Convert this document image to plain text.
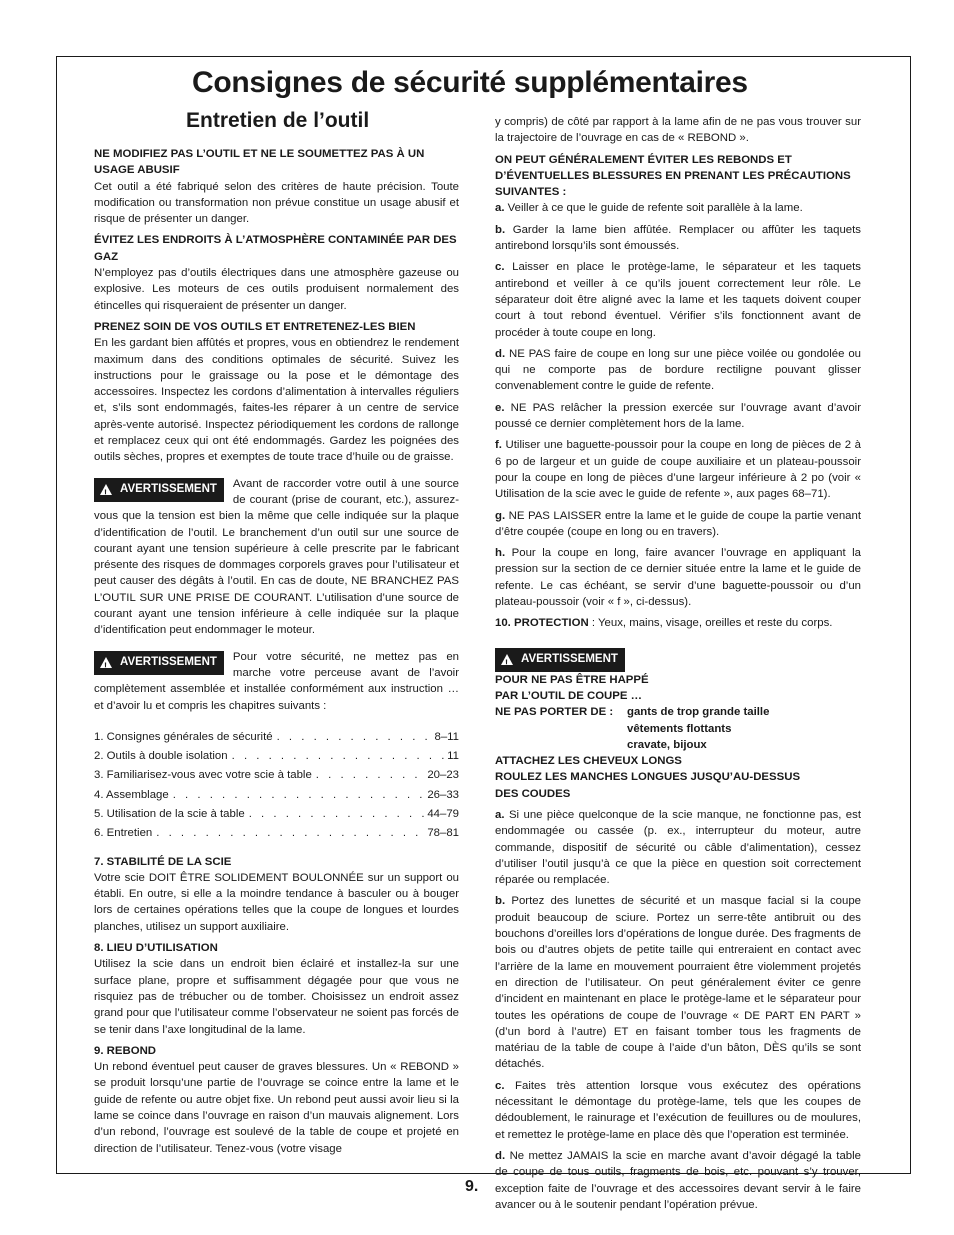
Consignes de sécurité supplémentaires
Entretien de l’outil
NE MODIFIEZ PAS L’OUTIL ET NE LE SOUMETTEZ PAS À UN USAGE ABUSIF

Cet outil a été fabriqué selon des critères de haute précision. Toute modification ou transformation non prévue constitue un usage abusif et risque de présenter un danger.

ÉVITEZ LES ENDROITS À L’ATMOSPHÈRE CONTAMINÉE PAR DES GAZ

N’employez pas d’outils électriques dans une atmosphère gazeuse ou explosive. Les moteurs de ces outils produisent normalement des étincelles qui risqueraient de présenter un danger.

PRENEZ SOIN DE VOS OUTILS ET ENTRETENEZ-LES BIEN

En les gardant bien affûtés et propres, vous en obtiendrez le rendement maximum dans des conditions optimales de sécurité. Suivez les instructions pour le graissage ou la pose et le démontage des accessoires. Inspectez les cordons d’alimentation à intervalles réguliers et, s’ils sont endommagés, faites-les réparer à un centre de service après-vente autorisé. Inspectez périodiquement les cordons de rallonge et remplacez ceux qui ont été endommagés. Gardez les poignées des outils sèches, propres et exemptes de toute trace d’huile ou de graisse.

!
AVERTISSEMENT	Avant de raccorder votre outil à une source de courant (prise de courant, etc.), assurez-vous que la tension est bien la même que celle indiquée sur la plaque d’identification de l’outil. Le branchement d’un outil sur une source de courant ayant une tension supérieure à celle prescrite par le fabricant présente des risques de dommages corporels graves pour l’utilisateur et peut causer des dégâts à l’outil. En cas de doute, NE BRANCHEZ PAS L’OUTIL SUR UNE PRISE DE COURANT. L’utilisation d’une source de courant ayant une tension inférieure à celle indiquée sur la plaque d’identification peut endommager le moteur.

!
AVERTISSEMENT	Pour votre sécurité, ne mettez pas en marche votre perceuse avant de l’avoir complètement assemblée et installée conformément aux instruction … et d’avoir lu et compris les chapitres suivants :

1. Consignes générales de sécurité . . .	8–11
2. Outils à double isolation . . .	11
3. Familiarisez-vous avec votre scie à table . . .	20–23
4. Assemblage . . .	26–33
5. Utilisation de la scie à table . . .	44–79
6. Entretien . . .	78–81
7. STABILITÉ DE LA SCIE

Votre scie DOIT ÊTRE SOLIDEMENT BOULONNÉE sur un support ou établi. En outre, si elle a la moindre tendance à basculer ou à bouger lors de certaines opérations telles que la coupe de longues et lourdes planches, utilisez un support auxiliaire.

8. LIEU D’UTILISATION

Utilisez la scie dans un endroit bien éclairé et installez-la sur une surface plane, propre et suffisamment dégagée pour que vous ne risquiez pas de trébucher ou de tomber. Choisissez un endroit assez grand pour que l’utilisateur comme l’observateur ne soient pas forcés de se tenir dans l’axe longitudinal de la lame.

9. REBOND

Un rebond éventuel peut causer de graves blessures. Un « REBOND » se produit lorsqu’une partie de l’ouvrage se coince entre la lame et le guide de refente ou autre objet fixe. Un rebond peut aussi avoir lieu si la lame se coince dans l’ouvrage en raison d’un mauvais alignement. Lors d’un rebond, l’ouvrage est soulevé de la table de coupe et projeté en direction de l’utilisateur. Tenez-vous (votre visage

y compris) de côté par rapport à la lame afin de ne pas vous trouver sur la trajectoire de l’ouvrage en cas de « REBOND ».

ON PEUT GÉNÉRALEMENT ÉVITER LES REBONDS ET D’ÉVENTUELLES BLESSURES EN PRENANT LES PRÉCAUTIONS SUIVANTES :

a. Veiller à ce que le guide de refente soit parallèle à la lame.

b. Garder la lame bien affûtée. Remplacer ou affûter les taquets antirebond lorsqu’ils sont émoussés.

c. Laisser en place le protège-lame, le séparateur et les taquets antirebond et veiller à ce qu’ils jouent correctement leur rôle. Le séparateur doit être aligné avec la lame et les taquets doivent couper court à tout rebond éventuel. Vérifier s’ils fonctionnent avant de procéder à toute coupe en long.

d. NE PAS faire de coupe en long sur une pièce voilée ou gondolée ou qui ne comporte pas de bordure rectiligne pouvant glisser convenablement contre le guide de refente.

e. NE PAS relâcher la pression exercée sur l’ouvrage avant d’avoir poussé ce dernier complètement hors de la lame.

f. Utiliser une baguette-poussoir pour la coupe en long de pièces de 2 à 6 po de largeur et un guide de coupe auxiliaire et un plateau-poussoir pour la coupe en long de pièces d’une largeur inférieure à 2 po (voir « Utilisation de la scie avec le guide de refente », aux pages 68–71).

g. NE PAS LAISSER entre la lame et le guide de coupe la partie venant d’être coupée (coupe en long ou en travers).

h. Pour la coupe en long, faire avancer l’ouvrage en appliquant la pression sur la section de ce dernier située entre la lame et le guide de refente. Le cas échéant, se servir d’une baguette-poussoir ou d’un plateau-poussoir (voir « f », ci-dessus).

10. PROTECTION : Yeux, mains, visage, oreilles et reste du corps.

!
AVERTISSEMENT
POUR NE PAS ÊTRE HAPPÉ PAR L’OUTIL DE COUPE …
NE PAS PORTER DE :	gants de trop grande taille
vêtements flottants
cravate, bijoux
ATTACHEZ LES CHEVEUX LONGS
ROULEZ LES MANCHES LONGUES JUSQU’AU-DESSUS DES COUDES

a. Si une pièce quelconque de la scie manque, ne fonctionne pas, est endommagée ou cassée (p. ex., interrupteur du moteur, autre commande, dispositif de sécurité ou câble d’alimentation), cessez d’utiliser l’outil jusqu’à ce que la pièce en question soit correctement réparée ou remplacée.

b. Portez des lunettes de sécurité et un masque facial si la coupe produit beaucoup de sciure. Portez un serre-tête antibruit ou des bouchons d’oreilles lors d’opérations de longue durée. Des fragments de bois ou d’autres objets de petite taille qui entreraient en contact avec l’arrière de la lame en mouvement pourraient être violemment projetés en direction de l’utilisateur. On peut généralement éviter ce genre d’incident en maintenant en place le protège-lame et le séparateur pour toutes les opérations de coupe de l’ouvrage « DE PART EN PART » (d’un bord à l’autre) ET en faisant tomber tous les fragments de matériau de la table de coupe à l’aide d’un bâton, DÈS qu’ils se sont détachés.

c. Faites très attention lorsque vous exécutez des opérations nécessitant le démontage du protège-lame, tels que les coupes de dédoublement, le rainurage et l’exécution de feuillures ou de moulures, et remettez le protège-lame en place dès que l’operation est terminée.

d. Ne mettez JAMAIS la scie en marche avant d’avoir dégagé la table de coupe de tous outils, fragments de bois, etc. pouvant s’y trouver, exception faite de l’ouvrage et des accessoires devant servir à le faire avancer ou à le soutenir pendant l’opération prévue.

9.
